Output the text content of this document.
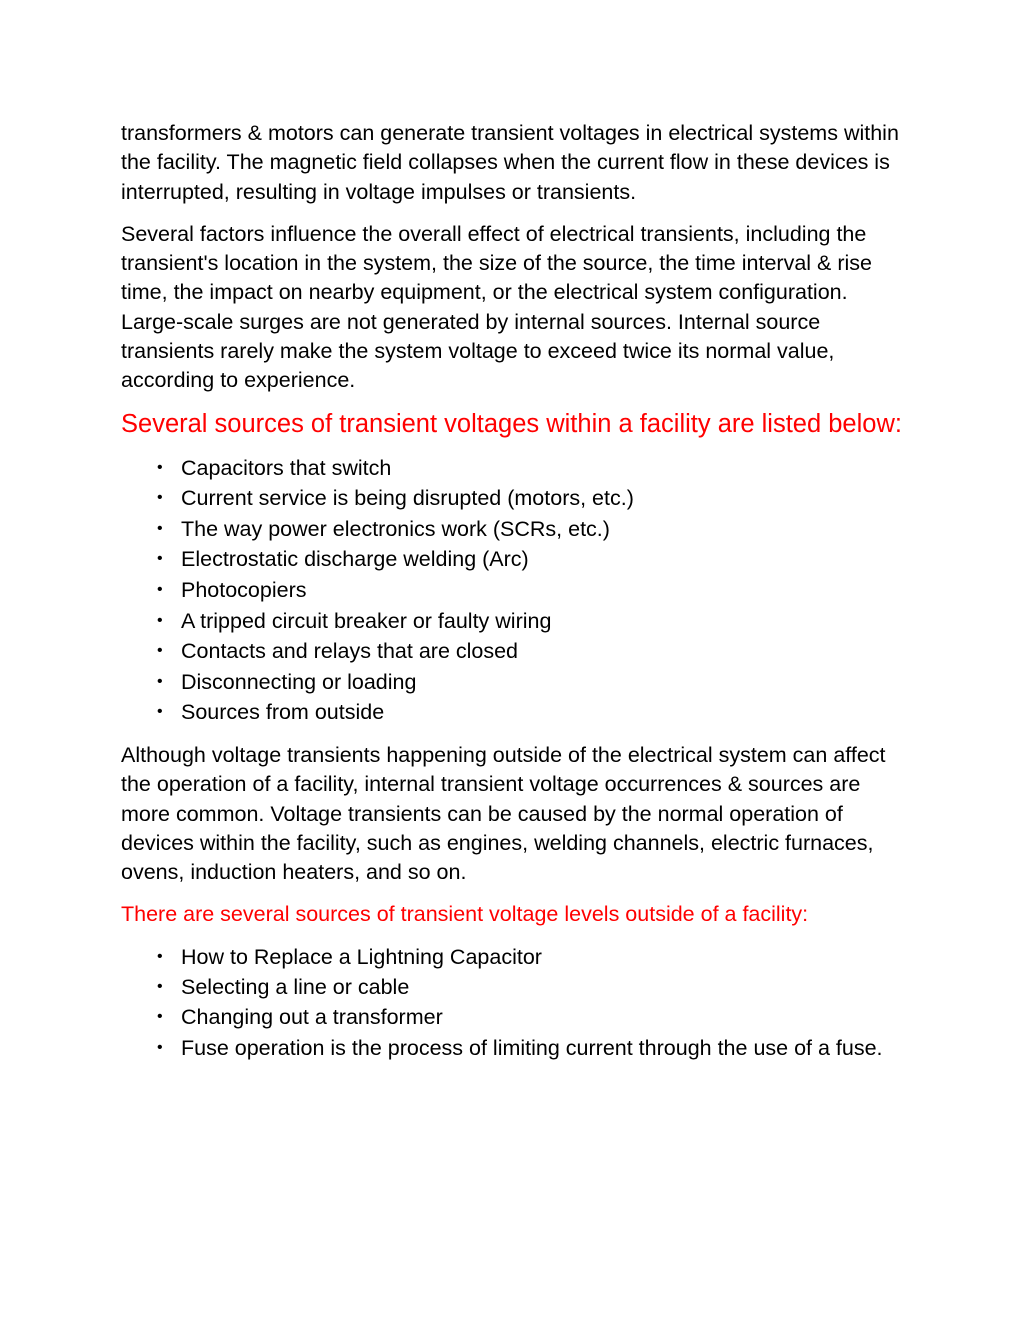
transformers & motors can generate transient voltages in electrical systems within the facility. The magnetic field collapses when the current flow in these devices is interrupted, resulting in voltage impulses or transients.

Several factors influence the overall effect of electrical transients, including the transient's location in the system, the size of the source, the time interval & rise time, the impact on nearby equipment, or the electrical system configuration. Large-scale surges are not generated by internal sources. Internal source transients rarely make the system voltage to exceed twice its normal value, according to experience.

Several sources of transient voltages within a facility are listed below:

• Capacitors that switch
• Current service is being disrupted (motors, etc.)
• The way power electronics work (SCRs, etc.)
• Electrostatic discharge welding (Arc)
• Photocopiers
• A tripped circuit breaker or faulty wiring
• Contacts and relays that are closed
• Disconnecting or loading
• Sources from outside

Although voltage transients happening outside of the electrical system can affect the operation of a facility, internal transient voltage occurrences & sources are more common. Voltage transients can be caused by the normal operation of devices within the facility, such as engines, welding channels, electric furnaces, ovens, induction heaters, and so on.

There are several sources of transient voltage levels outside of a facility:

• How to Replace a Lightning Capacitor
• Selecting a line or cable
• Changing out a transformer
• Fuse operation is the process of limiting current through the use of a fuse.
